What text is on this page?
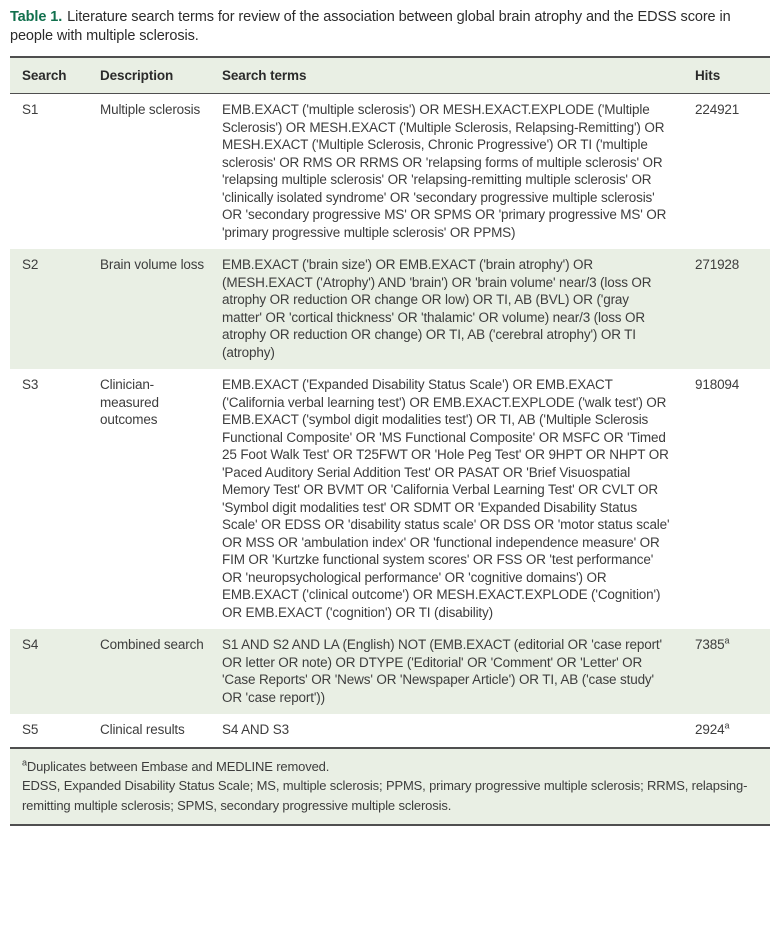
Table 1. Literature search terms for review of the association between global brain atrophy and the EDSS score in people with multiple sclerosis.

Search	Description	Search terms	Hits
S1	Multiple sclerosis	EMB.EXACT ('multiple sclerosis') OR MESH.EXACT.EXPLODE ('Multiple Sclerosis') OR MESH.EXACT ('Multiple Sclerosis, Relapsing-Remitting') OR MESH.EXACT ('Multiple Sclerosis, Chronic Progressive') OR TI ('multiple sclerosis' OR RMS OR RRMS OR 'relapsing forms of multiple sclerosis' OR 'relapsing multiple sclerosis' OR 'relapsing-remitting multiple sclerosis' OR 'clinically isolated syndrome' OR 'secondary progressive multiple sclerosis' OR 'secondary progressive MS' OR SPMS OR 'primary progressive MS' OR 'primary progressive multiple sclerosis' OR PPMS)	224921
S2	Brain volume loss	EMB.EXACT ('brain size') OR EMB.EXACT ('brain atrophy') OR (MESH.EXACT ('Atrophy') AND 'brain') OR 'brain volume' near/3 (loss OR atrophy OR reduction OR change OR low) OR TI, AB (BVL) OR ('gray matter' OR 'cortical thickness' OR 'thalamic' OR volume) near/3 (loss OR atrophy OR reduction OR change) OR TI, AB ('cerebral atrophy') OR TI (atrophy)	271928
S3	Clinician-measured outcomes	EMB.EXACT ('Expanded Disability Status Scale') OR EMB.EXACT ('California verbal learning test') OR EMB.EXACT.EXPLODE ('walk test') OR EMB.EXACT ('symbol digit modalities test') OR TI, AB ('Multiple Sclerosis Functional Composite' OR 'MS Functional Composite' OR MSFC OR 'Timed 25 Foot Walk Test' OR T25FWT OR 'Hole Peg Test' OR 9HPT OR NHPT OR 'Paced Auditory Serial Addition Test' OR PASAT OR 'Brief Visuospatial Memory Test' OR BVMT OR 'California Verbal Learning Test' OR CVLT OR 'Symbol digit modalities test' OR SDMT OR 'Expanded Disability Status Scale' OR EDSS OR 'disability status scale' OR DSS OR 'motor status scale' OR MSS OR 'ambulation index' OR 'functional independence measure' OR FIM OR 'Kurtzke functional system scores' OR FSS OR 'test performance' OR 'neuropsychological performance' OR 'cognitive domains') OR EMB.EXACT ('clinical outcome') OR MESH.EXACT.EXPLODE ('Cognition') OR EMB.EXACT ('cognition') OR TI (disability)	918094
S4	Combined search	S1 AND S2 AND LA (English) NOT (EMB.EXACT (editorial OR 'case report' OR letter OR note) OR DTYPE ('Editorial' OR 'Comment' OR 'Letter' OR 'Case Reports' OR 'News' OR 'Newspaper Article') OR TI, AB ('case study' OR 'case report'))	7385$^a$
S5	Clinical results	S4 AND S3	2924$^a$

$^a$Duplicates between Embase and MEDLINE removed.

EDSS, Expanded Disability Status Scale; MS, multiple sclerosis; PPMS, primary progressive multiple sclerosis; RRMS, relapsing-remitting multiple sclerosis; SPMS, secondary progressive multiple sclerosis.
